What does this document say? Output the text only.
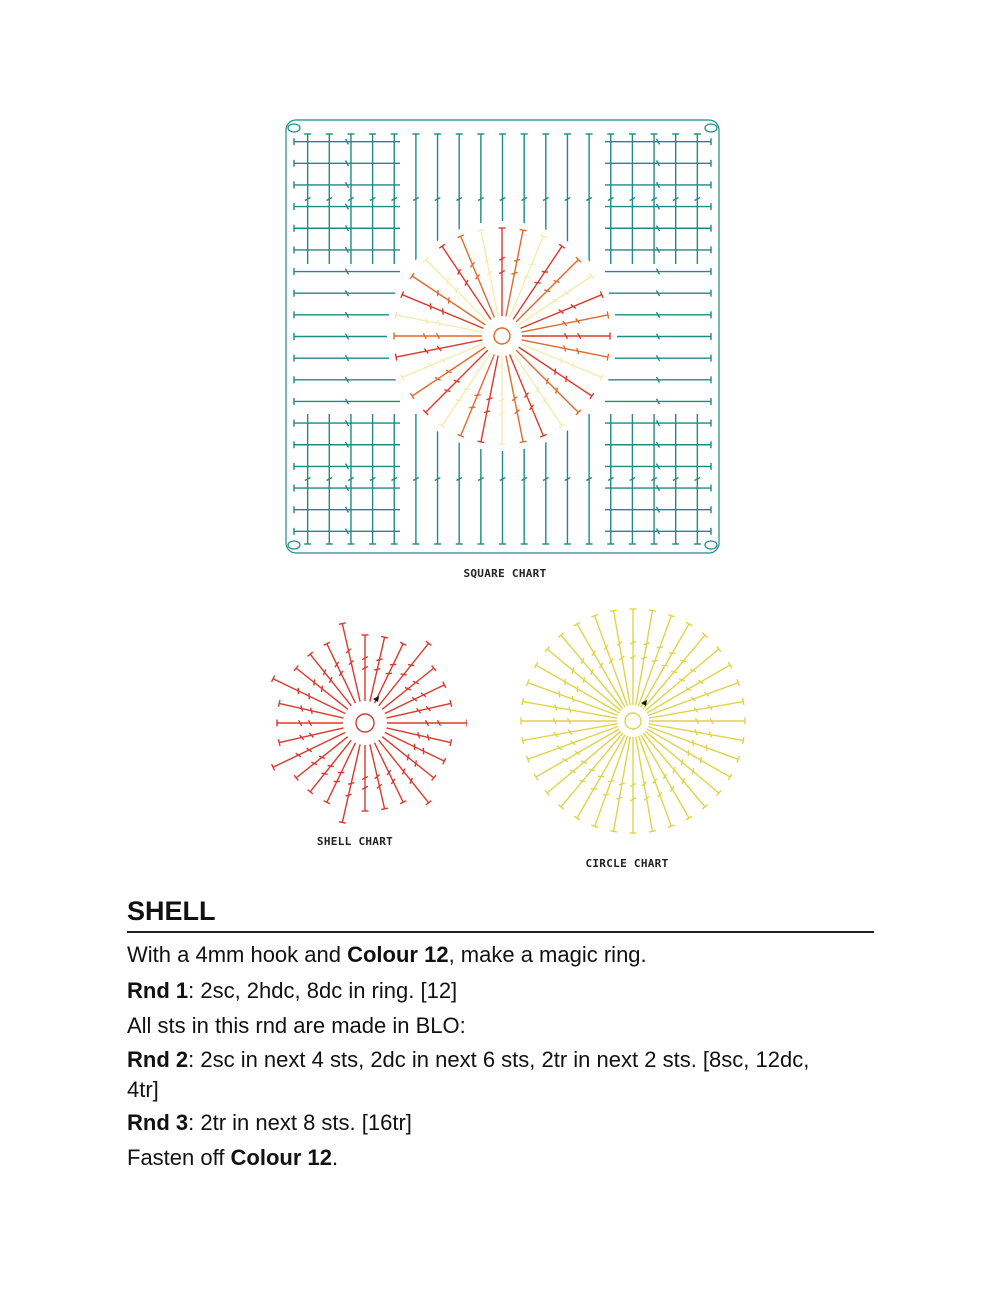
SQUARE CHART
SHELL CHART
CIRCLE CHART
SHELL
With a 4mm hook and Colour 12, make a magic ring.
Rnd 1: 2sc, 2hdc, 8dc in ring. [12]
All sts in this rnd are made in BLO:
Rnd 2: 2sc in next 4 sts, 2dc in next 6 sts, 2tr in next 2 sts. [8sc, 12dc, 4tr]
Rnd 3: 2tr in next 8 sts. [16tr]
Fasten off Colour 12.
